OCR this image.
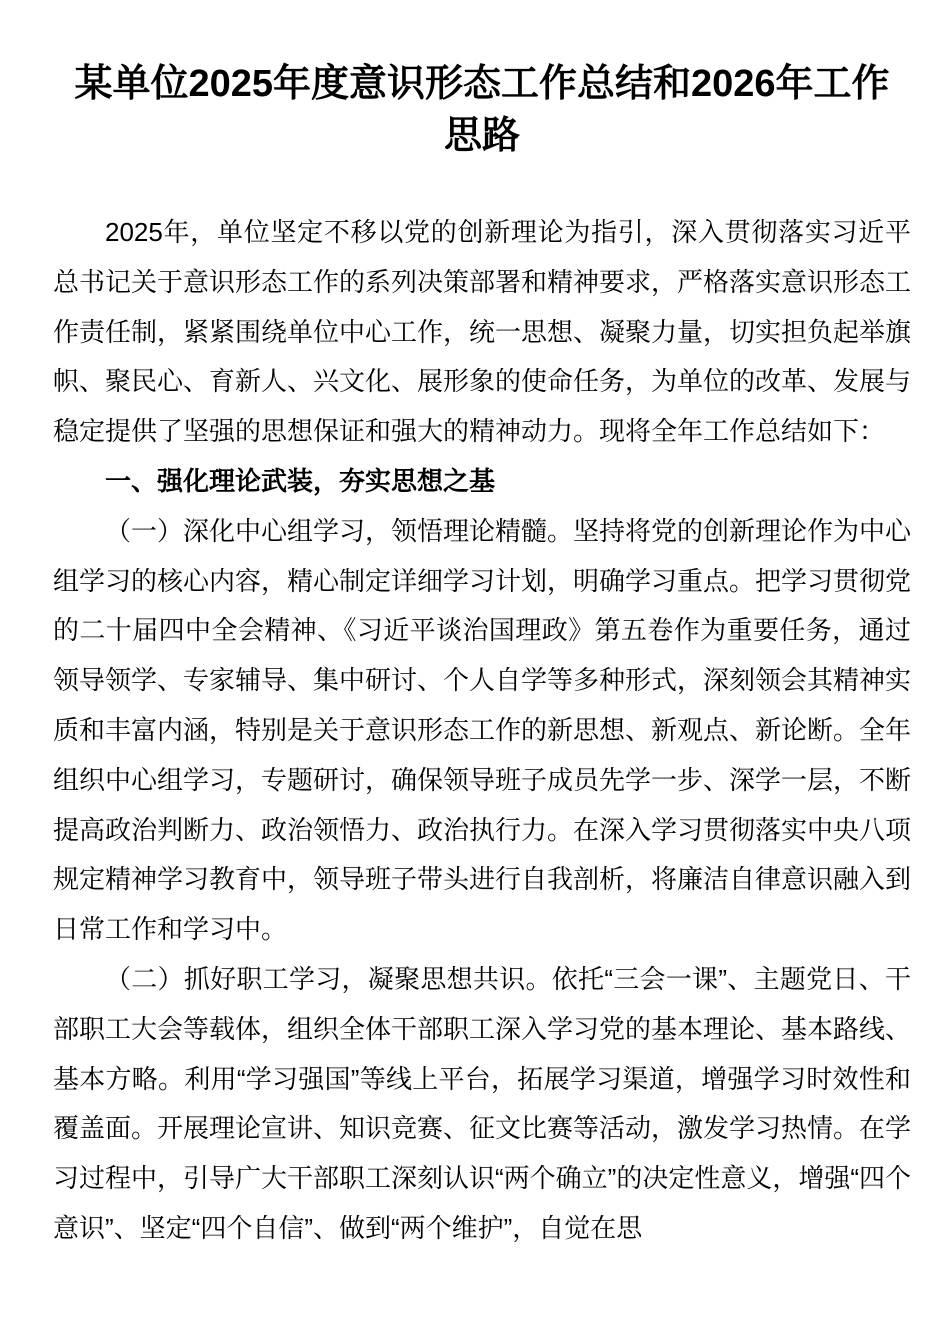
某单位2025年度意识形态工作总结和2026年工作思路

2025年，单位坚定不移以党的创新理论为指引，深入贯彻落实习近平总书记关于意识形态工作的系列决策部署和精神要求，严格落实意识形态工作责任制，紧紧围绕单位中心工作，统一思想、凝聚力量，切实担负起举旗帜、聚民心、育新人、兴文化、展形象的使命任务，为单位的改革、发展与稳定提供了坚强的思想保证和强大的精神动力。现将全年工作总结如下：

一、强化理论武装，夯实思想之基

（一）深化中心组学习，领悟理论精髓。坚持将党的创新理论作为中心组学习的核心内容，精心制定详细学习计划，明确学习重点。把学习贯彻党的二十届四中全会精神、《习近平谈治国理政》第五卷作为重要任务，通过领导领学、专家辅导、集中研讨、个人自学等多种形式，深刻领会其精神实质和丰富内涵，特别是关于意识形态工作的新思想、新观点、新论断。全年组织中心组学习，专题研讨，确保领导班子成员先学一步、深学一层，不断提高政治判断力、政治领悟力、政治执行力。在深入学习贯彻落实中央八项规定精神学习教育中，领导班子带头进行自我剖析，将廉洁自律意识融入到日常工作和学习中。

（二）抓好职工学习，凝聚思想共识。依托“三会一课”、主题党日、干部职工大会等载体，组织全体干部职工深入学习党的基本理论、基本路线、基本方略。利用“学习强国”等线上平台，拓展学习渠道，增强学习时效性和覆盖面。开展理论宣讲、知识竞赛、征文比赛等活动，激发学习热情。在学习过程中，引导广大干部职工深刻认识“两个确立”的决定性意义，增强“四个意识”、坚定“四个自信”、做到“两个维护”，自觉在思
